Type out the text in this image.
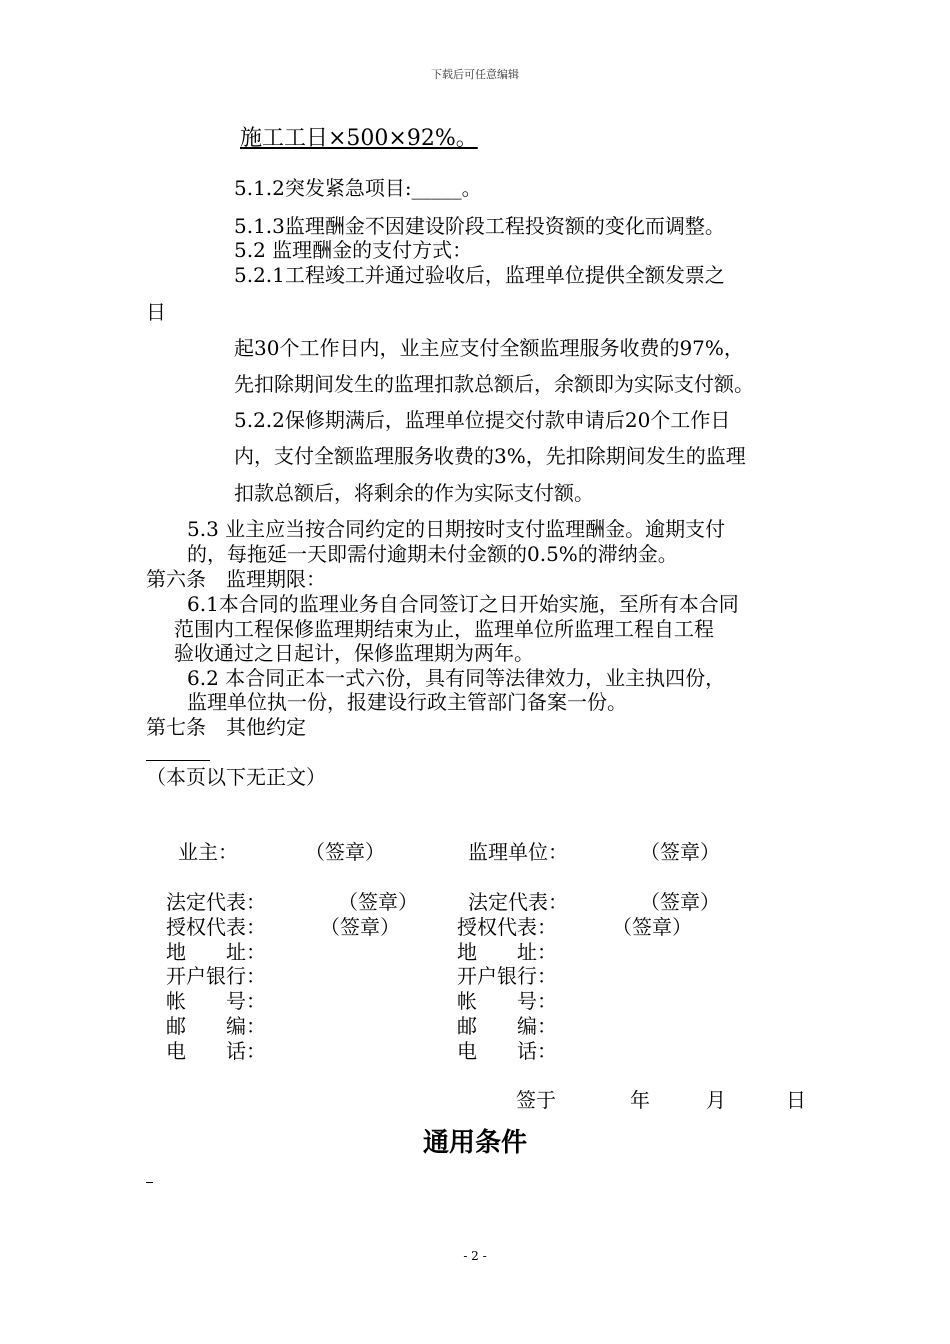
下载后可任意编辑
施工工日×500×92%。
5.1.2突发紧急项目:_____。
5.1.3监理酬金不因建设阶段工程投资额的变化而调整。
5.2 监理酬金的支付方式：
5.2.1工程竣工并通过验收后，监理单位提供全额发票之
日
起30个工作日内，业主应支付全额监理服务收费的97%，
先扣除期间发生的监理扣款总额后，余额即为实际支付额。
5.2.2保修期满后，监理单位提交付款申请后20个工作日
内，支付全额监理服务收费的3%，先扣除期间发生的监理
扣款总额后，将剩余的作为实际支付额。
5.3 业主应当按合同约定的日期按时支付监理酬金。逾期支付
的，每拖延一天即需付逾期未付金额的0.5%的滞纳金。
第六条　监理期限：
6.1本合同的监理业务自合同签订之日开始实施，至所有本合同
范围内工程保修监理期结束为止，监理单位所监理工程自工程
验收通过之日起计，保修监理期为两年。
6.2 本合同正本一式六份，具有同等法律效力，业主执四份，
监理单位执一份，报建设行政主管部门备案一份。
第七条　其他约定
（本页以下无正文）
业主：	（签章）	监理单位：	（签章）
法定代表：	（签章）	法定代表：	（签章）
授权代表：	（签章）	授权代表：	（签章）
地　　址：	地　　址：
开户银行：	开户银行：
帐　　号：	帐　　号：
邮　　编：	邮　　编：
电　　话：	电　　话：
签于	年	月	日
通用条件
- 2 -
